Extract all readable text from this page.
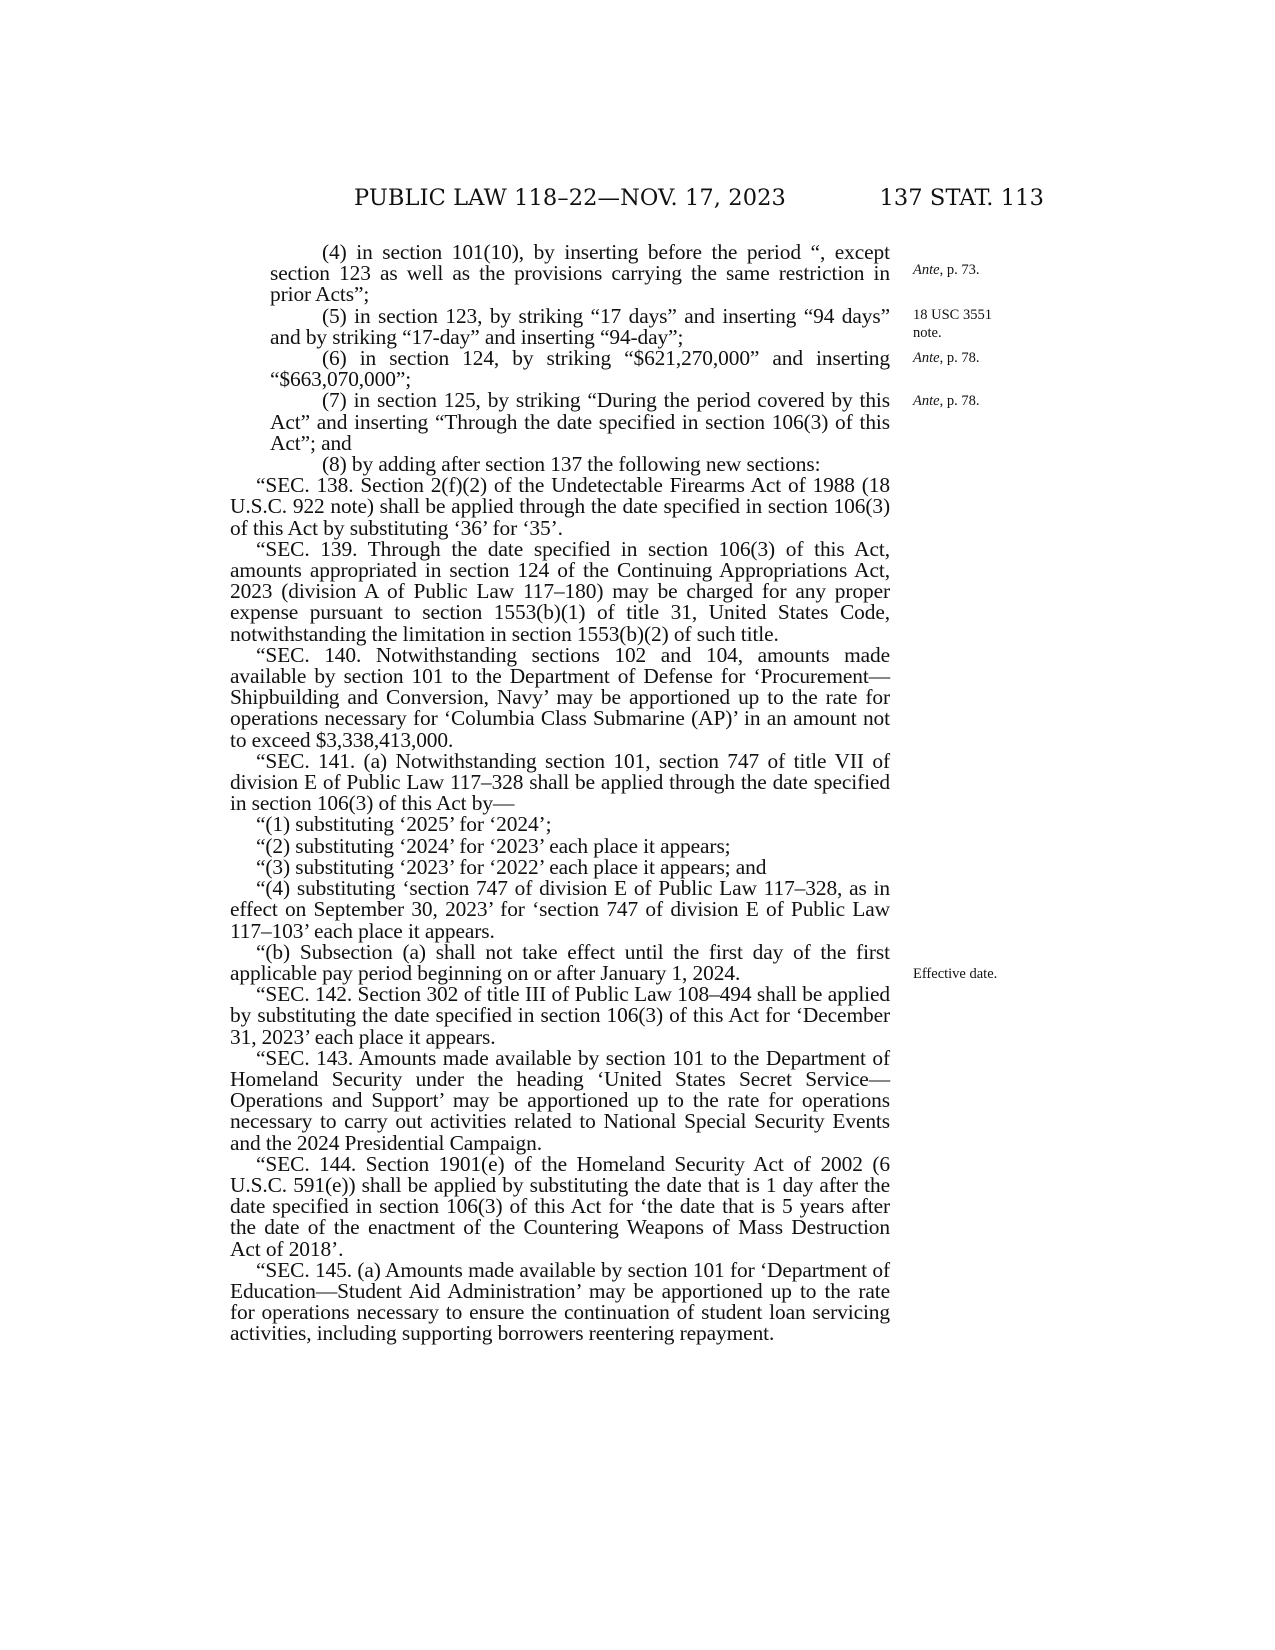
PUBLIC LAW 118–22—NOV. 17, 2023	137 STAT. 113

(4) in section 101(10), by inserting before the period “, except section 123 as well as the provisions carrying the same restriction in prior Acts”;

(5) in section 123, by striking “17 days” and inserting “94 days” and by striking “17-day” and inserting “94-day”;

(6) in section 124, by striking “$621,270,000” and inserting “$663,070,000”;

(7) in section 125, by striking “During the period covered by this Act” and inserting “Through the date specified in section 106(3) of this Act”; and

(8) by adding after section 137 the following new sections:

“SEC. 138. Section 2(f)(2) of the Undetectable Firearms Act of 1988 (18 U.S.C. 922 note) shall be applied through the date specified in section 106(3) of this Act by substituting ‘36’ for ‘35’.

“SEC. 139. Through the date specified in section 106(3) of this Act, amounts appropriated in section 124 of the Continuing Appropriations Act, 2023 (division A of Public Law 117–180) may be charged for any proper expense pursuant to section 1553(b)(1) of title 31, United States Code, notwithstanding the limitation in section 1553(b)(2) of such title.

“SEC. 140. Notwithstanding sections 102 and 104, amounts made available by section 101 to the Department of Defense for ‘Procurement—Shipbuilding and Conversion, Navy’ may be apportioned up to the rate for operations necessary for ‘Columbia Class Submarine (AP)’ in an amount not to exceed $3,338,413,000.

“SEC. 141. (a) Notwithstanding section 101, section 747 of title VII of division E of Public Law 117–328 shall be applied through the date specified in section 106(3) of this Act by—

“(1) substituting ‘2025’ for ‘2024’;

“(2) substituting ‘2024’ for ‘2023’ each place it appears;

“(3) substituting ‘2023’ for ‘2022’ each place it appears; and

“(4) substituting ‘section 747 of division E of Public Law 117–328, as in effect on September 30, 2023’ for ‘section 747 of division E of Public Law 117–103’ each place it appears.

“(b) Subsection (a) shall not take effect until the first day of the first applicable pay period beginning on or after January 1, 2024.

“SEC. 142. Section 302 of title III of Public Law 108–494 shall be applied by substituting the date specified in section 106(3) of this Act for ‘December 31, 2023’ each place it appears.

“SEC. 143. Amounts made available by section 101 to the Department of Homeland Security under the heading ‘United States Secret Service—Operations and Support’ may be apportioned up to the rate for operations necessary to carry out activities related to National Special Security Events and the 2024 Presidential Campaign.

“SEC. 144. Section 1901(e) of the Homeland Security Act of 2002 (6 U.S.C. 591(e)) shall be applied by substituting the date that is 1 day after the date specified in section 106(3) of this Act for ‘the date that is 5 years after the date of the enactment of the Countering Weapons of Mass Destruction Act of 2018’.

“SEC. 145. (a) Amounts made available by section 101 for ‘Department of Education—Student Aid Administration’ may be apportioned up to the rate for operations necessary to ensure the continuation of student loan servicing activities, including supporting borrowers reentering repayment.

Ante, p. 73.
18 USC 3551
note.
Ante, p. 78.
Ante, p. 78.
Effective date.
